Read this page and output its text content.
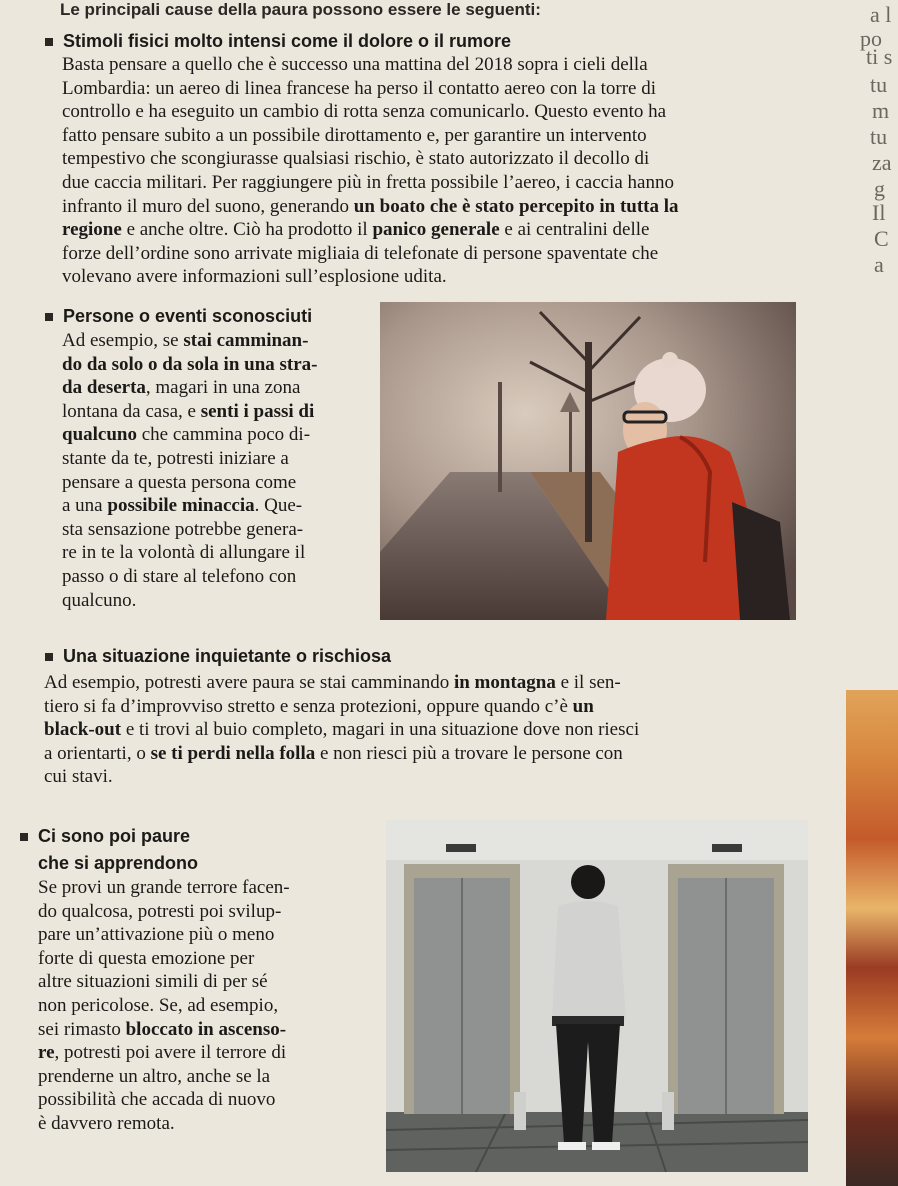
Le principali cause della paura possono essere le seguenti:	a l
po
ti s
tu
m
tu
za
g
Il
C
a
Stimoli fisici molto intensi come il dolore o il rumore
Basta pensare a quello che è successo una mattina del 2018 sopra i cieli della
Lombardia: un aereo di linea francese ha perso il contatto aereo con la torre di
controllo e ha eseguito un cambio di rotta senza comunicarlo. Questo evento ha
fatto pensare subito a un possibile dirottamento e, per garantire un intervento
tempestivo che scongiurasse qualsiasi rischio, è stato autorizzato il decollo di
due caccia militari. Per raggiungere più in fretta possibile l’aereo, i caccia hanno
infranto il muro del suono, generando un boato che è stato percepito in tutta la
regione e anche oltre. Ciò ha prodotto il panico generale e ai centralini delle
forze dell’ordine sono arrivate migliaia di telefonate di persone spaventate che
volevano avere informazioni sull’esplosione udita.
Persone o eventi sconosciuti
Ad esempio, se stai camminan-
do da solo o da sola in una stra-
da deserta, magari in una zona
lontana da casa, e senti i passi di
qualcuno che cammina poco di-
stante da te, potresti iniziare a
pensare a questa persona come
a una possibile minaccia. Que-
sta sensazione potrebbe genera-
re in te la volontà di allungare il
passo o di stare al telefono con
qualcuno.
Una situazione inquietante o rischiosa
Ad esempio, potresti avere paura se stai camminando in montagna e il sen-
tiero si fa d’improvviso stretto e senza protezioni, oppure quando c’è un
black-out e ti trovi al buio completo, magari in una situazione dove non riesci
a orientarti, o se ti perdi nella folla e non riesci più a trovare le persone con
cui stavi.
Ci sono poi paure
che si apprendono
Se provi un grande terrore facen-
do qualcosa, potresti poi svilup-
pare un’attivazione più o meno
forte di questa emozione per
altre situazioni simili di per sé
non pericolose. Se, ad esempio,
sei rimasto bloccato in ascenso-
re, potresti poi avere il terrore di
prenderne un altro, anche se la
possibilità che accada di nuovo
è davvero remota.
